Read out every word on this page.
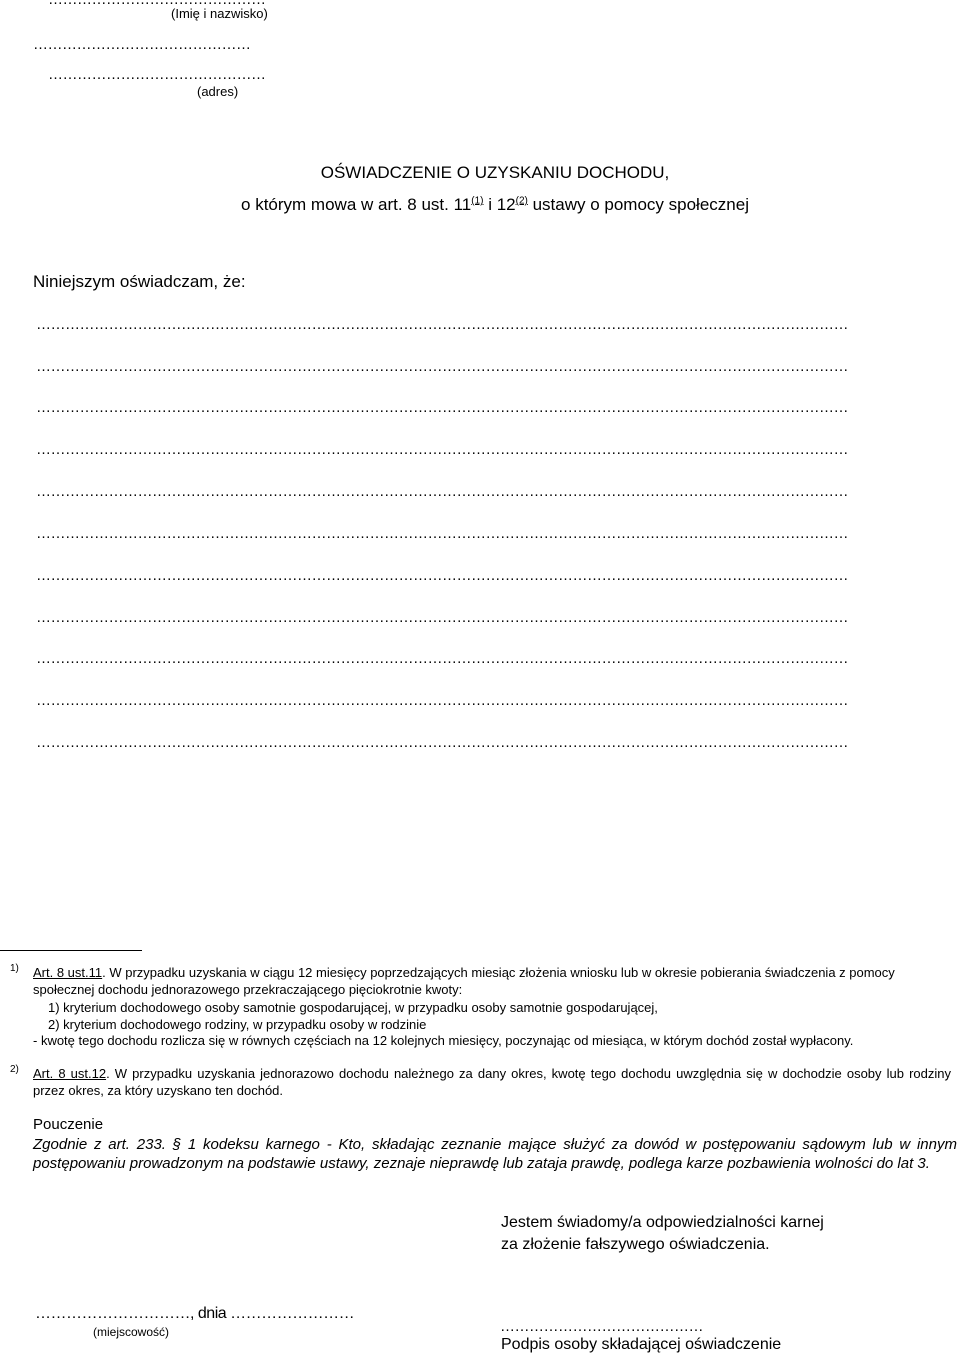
(Imię i nazwisko)
………………………………………
………………………………………
(adres)
OŚWIADCZENIE O UZYSKANIU DOCHODU,
o którym mowa w art. 8 ust. 11$^{(1)}$ i 12$^{(2)}$ ustawy o pomocy społecznej
Niniejszym oświadczam, że:
……………………………………………………………………………………………………………………………………………………
……………………………………………………………………………………………………………………………………………………
……………………………………………………………………………………………………………………………………………………
……………………………………………………………………………………………………………………………………………………
……………………………………………………………………………………………………………………………………………………
……………………………………………………………………………………………………………………………………………………
……………………………………………………………………………………………………………………………………………………
……………………………………………………………………………………………………………………………………………………
……………………………………………………………………………………………………………………………………………………
……………………………………………………………………………………………………………………………………………………
……………………………………………………………………………………………………………………………………………………
1) Art. 8 ust.11. W przypadku uzyskania w ciągu 12 miesięcy poprzedzających miesiąc złożenia wniosku lub w okresie pobierania świadczenia z pomocy społecznej dochodu jednorazowego przekraczającego pięciokrotnie kwoty:
1) kryterium dochodowego osoby samotnie gospodarującej, w przypadku osoby samotnie gospodarującej,
2) kryterium dochodowego rodziny, w przypadku osoby w rodzinie
- kwotę tego dochodu rozlicza się w równych częściach na 12 kolejnych miesięcy, poczynając od miesiąca, w którym dochód został wypłacony.
2) Art. 8 ust.12. W przypadku uzyskania jednorazowo dochodu należnego za dany okres, kwotę tego dochodu uwzględnia się w dochodzie osoby lub rodziny przez okres, za który uzyskano ten dochód.
Pouczenie
Zgodnie z art. 233. § 1 kodeksu karnego - Kto, składając zeznanie mające służyć za dowód w postępowaniu sądowym lub w innym postępowaniu prowadzonym na podstawie ustawy, zeznaje nieprawdę lub zataja prawdę, podlega karze pozbawienia wolności do lat 3.
Jestem świadomy/a odpowiedzialności karnej
za złożenie fałszywego oświadczenia.
…………………………, dnia ……………………
(miejscowość)	……………………………………
Podpis osoby składającej oświadczenie
